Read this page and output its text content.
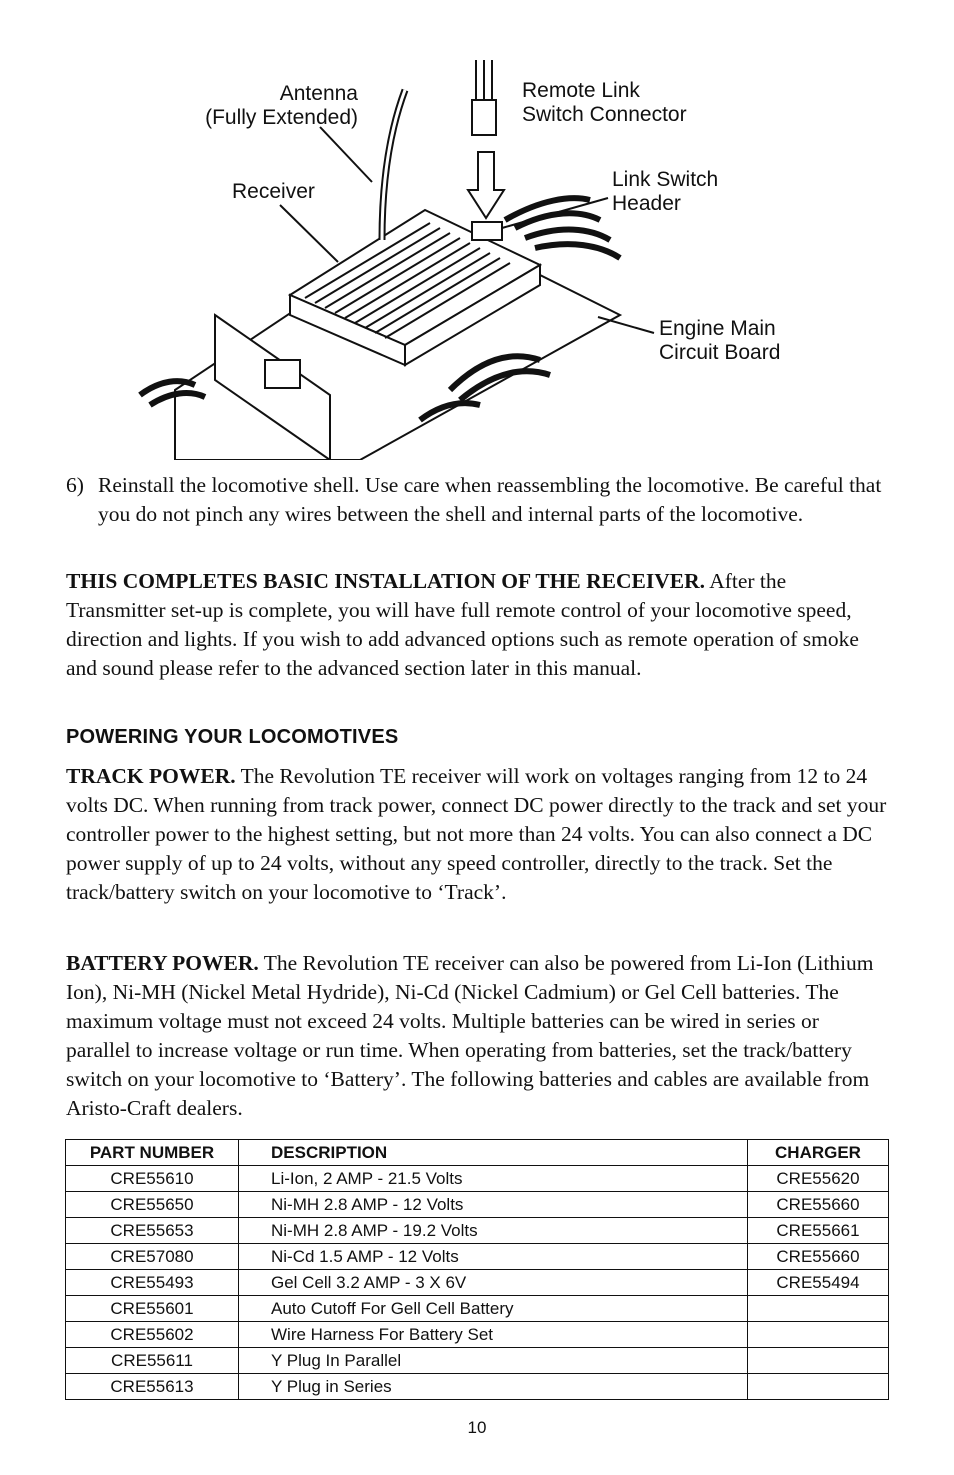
Antenna
(Fully Extended)
Receiver
Remote Link
Switch Connector
Link Switch
Header
Engine Main
Circuit Board
6) Reinstall the locomotive shell. Use care when reassembling the locomotive. Be careful that you do not pinch any wires between the shell and internal parts of the locomotive.
THIS COMPLETES BASIC INSTALLATION OF THE RECEIVER. After the Transmitter set-up is complete, you will have full remote control of your locomotive speed, direction and lights. If you wish to add advanced options such as remote operation of smoke and sound please refer to the advanced section later in this manual.
POWERING YOUR LOCOMOTIVES
TRACK POWER. The Revolution TE receiver will work on voltages ranging from 12 to 24 volts DC. When running from track power, connect DC power directly to the track and set your controller power to the highest setting, but not more than 24 volts. You can also connect a DC power supply of up to 24 volts, without any speed controller, directly to the track. Set the track/battery switch on your locomotive to ‘Track’.
BATTERY POWER. The Revolution TE receiver can also be powered from Li-Ion (Lithium Ion), Ni-MH (Nickel Metal Hydride), Ni-Cd (Nickel Cadmium) or Gel Cell batteries. The maximum voltage must not exceed 24 volts. Multiple batteries can be wired in series or parallel to increase voltage or run time. When operating from batteries, set the track/battery switch on your locomotive to ‘Battery’. The following batteries and cables are available from Aristo-Craft dealers.
PART NUMBER	DESCRIPTION	CHARGER
CRE55610	Li-Ion, 2 AMP - 21.5 Volts	CRE55620
CRE55650	Ni-MH 2.8 AMP - 12 Volts	CRE55660
CRE55653	Ni-MH 2.8 AMP - 19.2 Volts	CRE55661
CRE57080	Ni-Cd 1.5 AMP - 12 Volts	CRE55660
CRE55493	Gel Cell 3.2 AMP - 3 X 6V	CRE55494
CRE55601	Auto Cutoff For Gell Cell Battery	
CRE55602	Wire Harness For Battery Set	
CRE55611	Y Plug In Parallel	
CRE55613	Y Plug in Series	
10
